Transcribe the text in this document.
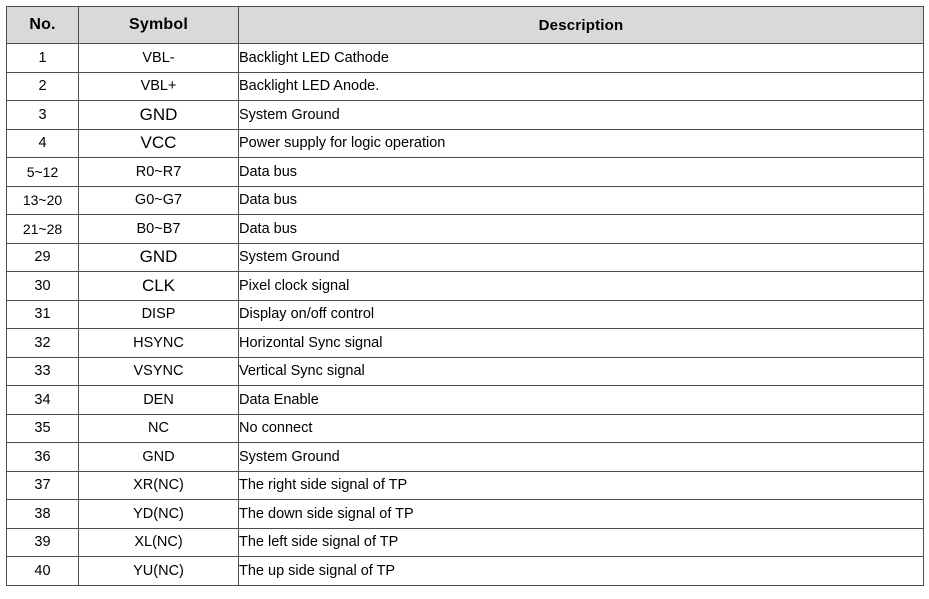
No.	Symbol	Description
1	VBL-	Backlight LED Cathode
2	VBL+	Backlight LED Anode.
3	GND	System Ground
4	VCC	Power supply for logic operation
5~12	R0~R7	Data bus
13~20	G0~G7	Data bus
21~28	B0~B7	Data bus
29	GND	System Ground
30	CLK	Pixel clock signal
31	DISP	Display on/off control
32	HSYNC	Horizontal Sync signal
33	VSYNC	Vertical Sync signal
34	DEN	Data Enable
35	NC	No connect
36	GND	System Ground
37	XR(NC)	The right side signal of TP
38	YD(NC)	The down side signal of TP
39	XL(NC)	The left side signal of TP
40	YU(NC)	The up side signal of TP
